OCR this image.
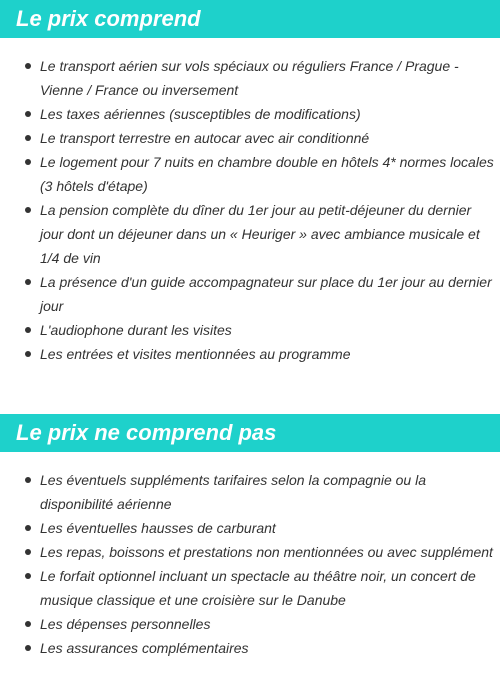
Le prix comprend
Le transport aérien sur vols spéciaux ou réguliers France / Prague - Vienne / France ou inversement
Les taxes aériennes (susceptibles de modifications)
Le transport terrestre en autocar avec air conditionné
Le logement pour 7 nuits en chambre double en hôtels 4* normes locales (3 hôtels d'étape)
La pension complète du dîner du 1er jour au petit-déjeuner du dernier jour dont un déjeuner dans un « Heuriger » avec ambiance musicale et 1/4 de vin
La présence d'un guide accompagnateur sur place du 1er jour au dernier jour
L'audiophone durant les visites
Les entrées et visites mentionnées au programme
Le prix ne comprend pas
Les éventuels suppléments tarifaires selon la compagnie ou la disponibilité aérienne
Les éventuelles hausses de carburant
Les repas, boissons et prestations non mentionnées ou avec supplément
Le forfait optionnel incluant un spectacle au théâtre noir, un concert de musique classique et une croisière sur le Danube
Les dépenses personnelles
Les assurances complémentaires
